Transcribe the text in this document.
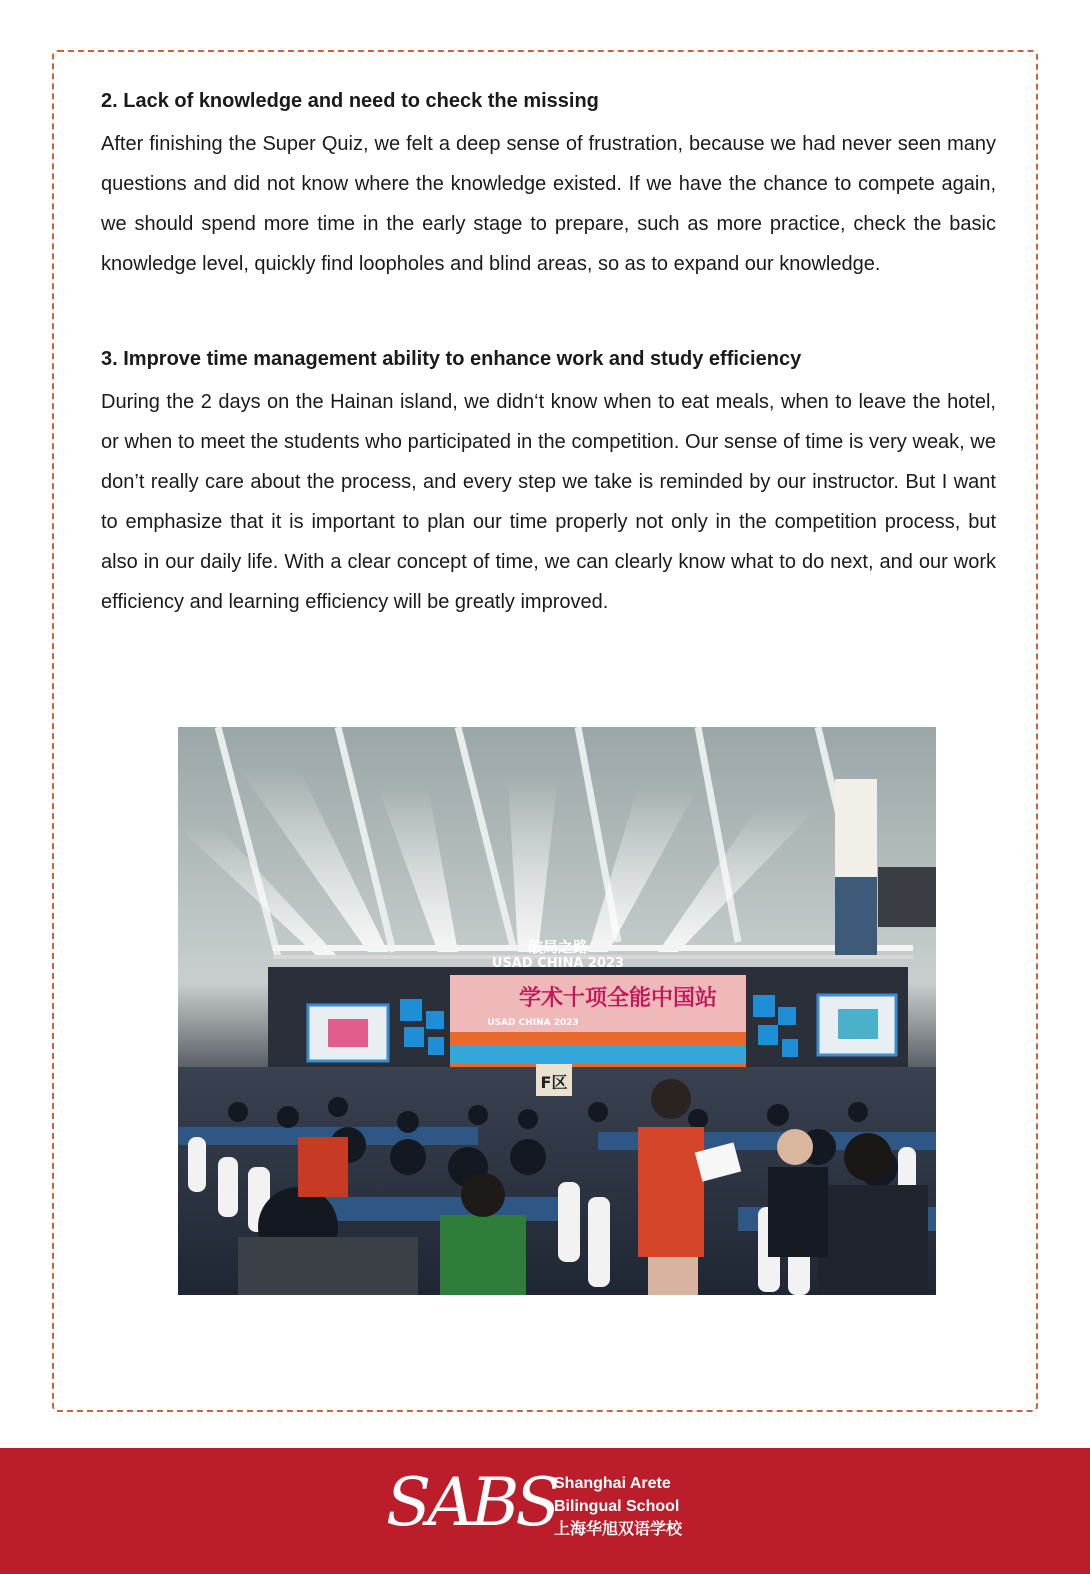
2. Lack of knowledge and need to check the missing

After finishing the Super Quiz, we felt a deep sense of frustration, because we had never seen many questions and did not know where the knowledge existed. If we have the chance to compete again, we should spend more time in the early stage to prepare, such as more practice, check the basic knowledge level, quickly find loopholes and blind areas, so as to expand our knowledge.

3. Improve time management ability to enhance work and study efficiency

During the 2 days on the Hainan island, we didn‘t know when to eat meals, when to leave the hotel, or when to meet the students who participated in the competition. Our sense of time is very weak, we don’t really care about the process, and every step we take is reminded by our instructor. But I want to emphasize that it is important to plan our time properly not only in the competition process, but also in our daily life. With a clear concept of time, we can clearly know what to do next, and our work efficiency and learning efficiency will be greatly improved.

破局之路
USAD CHINA 2023
学术十项全能中国站
USAD CHINA 2023
F区
SABS
Shanghai Arete
Bilingual School
上海华旭双语学校
